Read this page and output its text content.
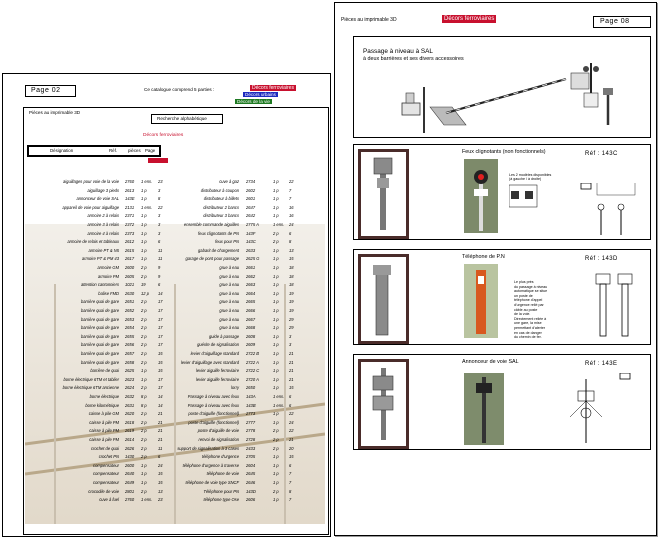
Pièces au imprimable 3D	Décors ferroviaires	Page 08
Passage à niveau à SAL
à deux barrières et ses divers accessoires
Feux clignotants (non fonctionnels)	Réf : 143C
Les 2 modèles disponibles
(à gauche / à droite)
Téléphone de P.N	Réf : 143D
Le plus près
du passage à niveau
automatique se situe
un poste de
téléphone d'appel
d'urgence relié par
câble au poste
de la voie.
Directement reliée à
une gare, la mise
permettant d'alerter
en cas de danger
du chemin de fer.
Annonceur de voie SAL	Réf : 143E
Page 02	Ce catalogue comprend 5 parties :	Décors ferroviaires
Décors urbains
Décors de la vie
Pièces au imprimable 3D
Recherche alphabétique
Décors ferroviaires
Désignation	Réf. pièces Page
aiguillages pour voie de la voie 2760 1 ens. 23
aiguillage 3 pieds 2613 1 p	3
annonceur de voie SAL 143E 1 p	8
appareil de voie pour aiguillage 2131 1 ens. 22
armoire 2 à relais 2371 1 p	3
armoire 3 à relais 2372 1 p	3
armoire 4 à relais 2373 1 p	3
armoire de relais et tableaux 2612 1 p	6
armoire PT & N5 2615 1 p	11
armoire PT & PM 43 2617 1 p	11
armoire GM 2600 2 p	9
armoire PM 2605 2 p	9
attention cantonniers 1021 19	6
balise FMD 2630 12 p 14
barrière quai de gare 2651 2 p	17
barrière quai de gare 2652 2 p	17
barrière quai de gare 2653 2 p	17
barrière quai de gare 2654 2 p	17
barrière quai de gare 2655 2 p	17
barrière quai de gare 2656 2 p	17
barrière quai de gare 2657 2 p	15
barrière quai de gare 2658 2 p	15
barrière de quai 2625 1 p	15
borne électrique 6TM et tablier 2623 1 p	17
borne électrique 6TM ancienne 2624 2 p	17
borne électrique 2632 8 p	14
borne kilométrique 2631 8 p	14
caisse à pile GM 2620 2 p	21
caisse à pile PM 2618 2 p	21
caisse à pile PM 2619 2 p	21
caisse à pile PM 2614 2 p	21
crochet de quai 2626 2 p	11
crochet PN 1430 2 p	6
compensateur 2600 1 p	24
compensateur 2640 1 p	15
compensateur 2649 1 p	15
crocodile de voie 2801 2 p	13
cuve à fuel 2760 1 ens. 23
cuve à gaz 2734	1 p	22
distributeur à coupon 2602	1 p	7
distributeur à billets 2601	1 p	7
distributeur 2 bancs 2647	1 p	16
distributeur 3 bancs 2642	1 p	16
ensemble commande aiguilles 2775 A	1 ens. 24
feux clignotants de PN 143F	2 p	6
feux pour PN 143C	2 p	8
gabarit de chargement 2633	1 p	13
garage de pont pour passage 2625 G	1 p	15
grue à eau 2661	1 p	18
grue à eau 2662	1 p	18
grue à eau 2663	1 p	18
grue à eau 2664	1 p	19
grue à eau 2665	1 p	19
grue à eau 2666	1 p	19
grue à eau 2667	1 p	29
grue à eau 2668	1 p	29
guide à passage 2608	1 p	3
guérite de signalisation 2609	1 p	3
levier d'aiguillage standard 2722 B	1 p	21
levier d'aiguillage avec standard 2722 A	1 p	21
levier aiguille ferroviaire 2722 C	1 p	21
levier aiguille ferroviaire 2720 A	1 p	21
lorry 2650	1 p	15
Passage à niveau avec feux 143A	1 ens. 6
Passage à niveau avec feux 143B	1 ens. 6
poste d'aiguille (fonctionnel) 2773	1 p	22
poste d'aiguille (fonctionnel) 2777	1 p	24
poste d'aiguille de voie 2778	2 p	22
renvoi de signalisation 2728	2 p	21
support de signalisation à 3 cases 2433	2 p	20
téléphone d'urgence 2705	1 p	15
téléphone d'urgence à traverse 2604	1 p	6
téléphone de voie 2645	1 p	7
téléphone de voie type SNCF 2646	1 p	7
Téléphone pour PN 143D	2 p	8
téléphone type Ose 2606	1 p	7
